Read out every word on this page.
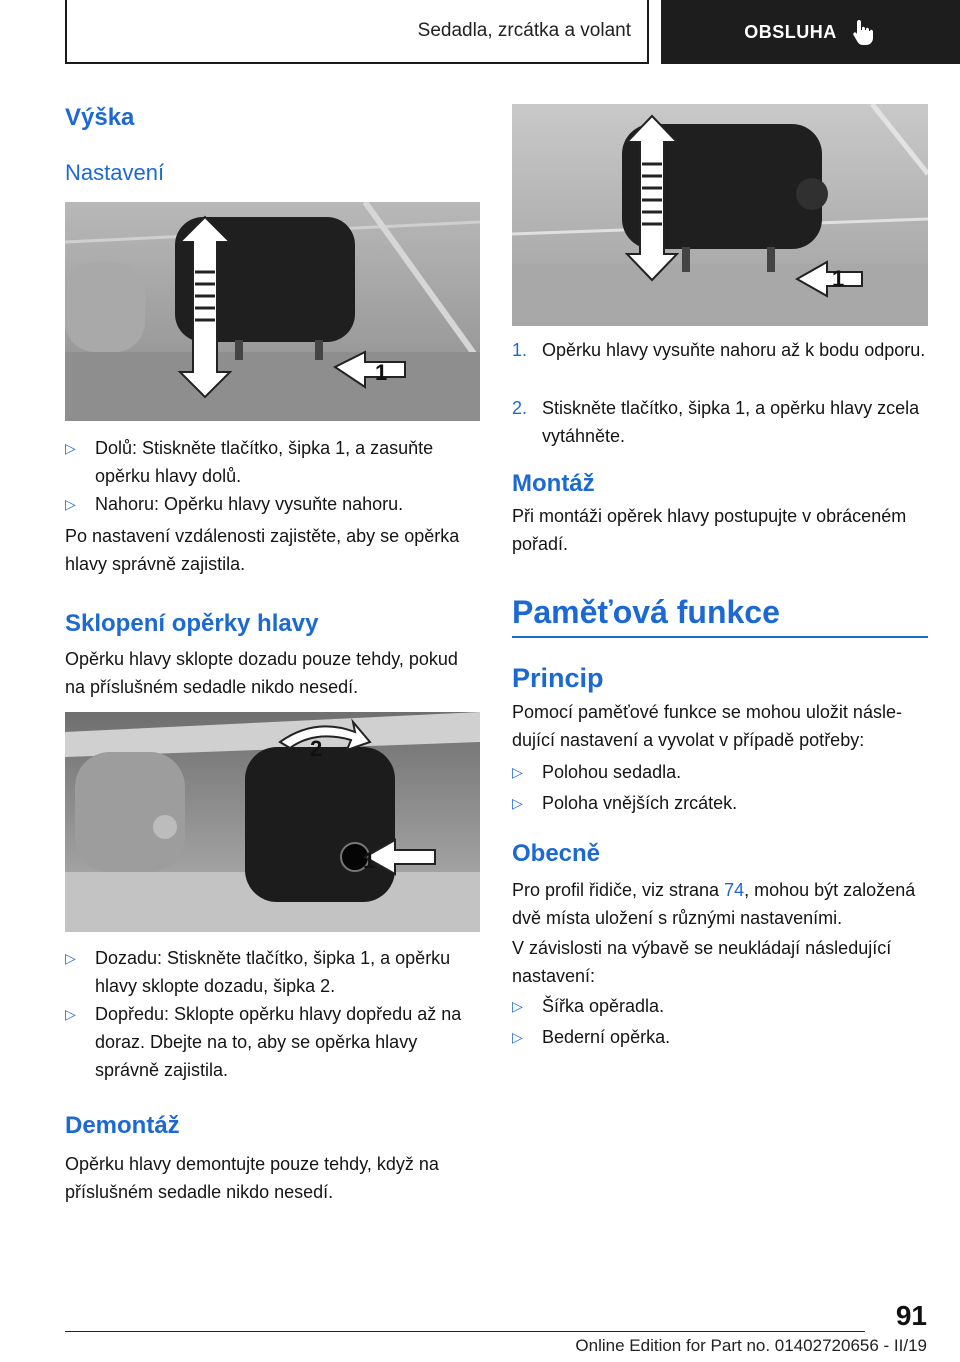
Sedadla, zrcátka a volant	OBSLUHA
Výška
Nastavení
1
▷	Dolů: Stiskněte tlačítko, šipka 1, a zasuňte opěrku hlavy dolů.
▷	Nahoru: Opěrku hlavy vysuňte nahoru.

Po nastavení vzdálenosti zajistěte, aby se opěrka hlavy správně zajistila.

Sklopení opěrky hlavy

Opěrku hlavy sklopte dozadu pouze tehdy, pokud na příslušném sedadle nikdo nesedí.

2
1
▷	Dozadu: Stiskněte tlačítko, šipka 1, a opěrku hlavy sklopte dozadu, šipka 2.
▷	Dopředu: Sklopte opěrku hlavy dopředu až na doraz. Dbejte na to, aby se opěrka hlavy správně zajistila.
Demontáž

Opěrku hlavy demontujte pouze tehdy, když na příslušném sedadle nikdo nesedí.

1
1. Opěrku hlavy vysuňte nahoru až k bodu odporu.
2. Stiskněte tlačítko, šipka 1, a opěrku hlavy zcela vytáhněte.
Montáž

Při montáži opěrek hlavy postupujte v obráceném pořadí.

Paměťová funkce
Princip

Pomocí paměťové funkce se mohou uložit následující nastavení a vyvolat v případě potřeby:

▷	Polohou sedadla.
▷	Poloha vnějších zrcátek.
Obecně

Pro profil řidiče, viz strana 74, mohou být založená dvě místa uložení s různými nastaveními.

V závislosti na výbavě se neukládají následující nastavení:

▷	Šířka opěradla.
▷	Bederní opěrka.
91
Online Edition for Part no. 01402720656 - II/19
